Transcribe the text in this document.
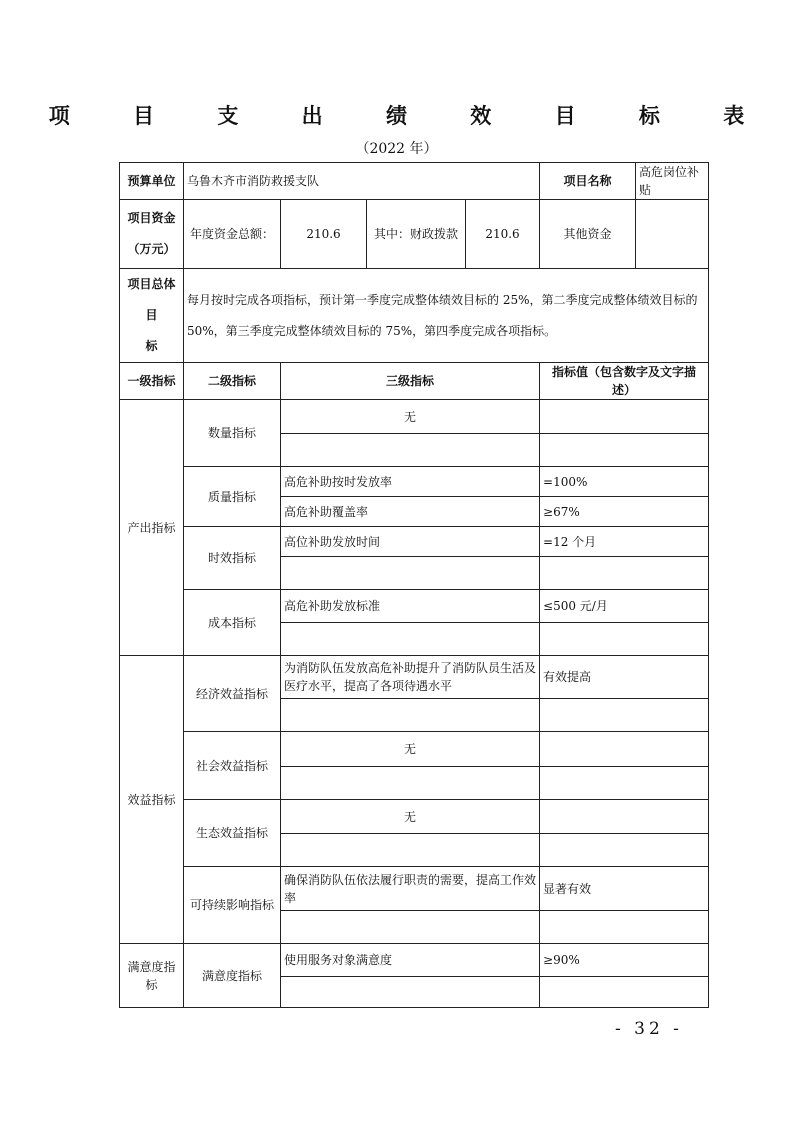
项 目 支 出 绩 效 目 标 表
（2022 年）
预算单位	乌鲁木齐市消防救援支队				项目名称	高危岗位补贴

项目资金
（万元）	年度资金总额：	210.6	其中：财政拨款	210.6	其他资金	

项目总体目
标	每月按时完成各项指标，预计第一季度完成整体绩效目标的 25%，第二季度完成整体绩效目标的 50%，第三季度完成整体绩效目标的 75%，第四季度完成各项指标。					
一级指标	二级指标	三级指标			指标值（包含数字及文字描述）	
产出指标	数量指标	无				

	质量指标	高危补助按时发放率			=100%	
		高危补助覆盖率			≥67%	
	时效指标	高位补助发放时间			=12 个月	

	成本指标	高危补助发放标准			≤500 元/月	

效益指标	经济效益指标	为消防队伍发放高危补助提升了消防队员生活及医疗水平，提高了各项待遇水平			有效提高	

	社会效益指标	无				

	生态效益指标	无				

	可持续影响指标	确保消防队伍依法履行职责的需要，提高工作效率			显著有效	

满意度指标	满意度指标	使用服务对象满意度			≥90%	

- 32 -
